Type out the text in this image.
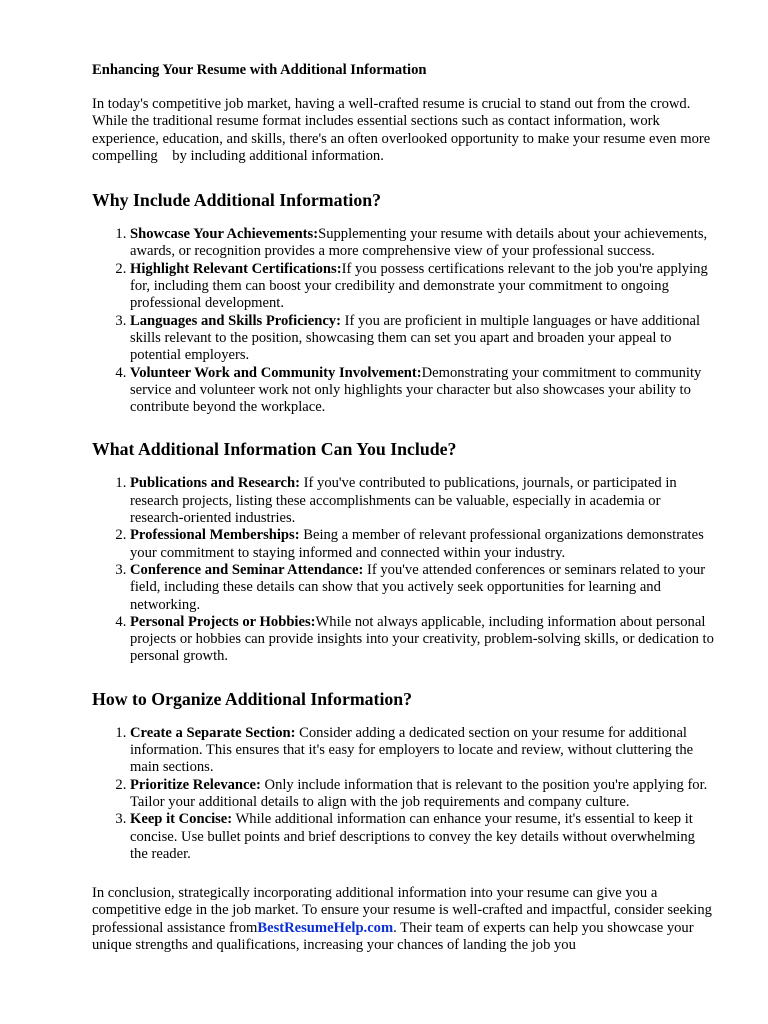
Enhancing Your Resume with Additional Information

In today's competitive job market, having a well-crafted resume is crucial to stand out from the crowd. While the traditional resume format includes essential sections such as contact information, work experience, education, and skills, there's an often overlooked opportunity to make your resume even more compelling    by including additional information.

Why Include Additional Information?
1. Showcase Your Achievements:Supplementing your resume with details about your achievements, awards, or recognition provides a more comprehensive view of your professional success.
2. Highlight Relevant Certifications:If you possess certifications relevant to the job you're applying for, including them can boost your credibility and demonstrate your commitment to ongoing professional development.
3. Languages and Skills Proficiency: If you are proficient in multiple languages or have additional skills relevant to the position, showcasing them can set you apart and broaden your appeal to potential employers.
4. Volunteer Work and Community Involvement:Demonstrating your commitment to community service and volunteer work not only highlights your character but also showcases your ability to contribute beyond the workplace.
What Additional Information Can You Include?
1. Publications and Research: If you've contributed to publications, journals, or participated in research projects, listing these accomplishments can be valuable, especially in academia or research-oriented industries.
2. Professional Memberships: Being a member of relevant professional organizations demonstrates your commitment to staying informed and connected within your industry.
3. Conference and Seminar Attendance: If you've attended conferences or seminars related to your field, including these details can show that you actively seek opportunities for learning and networking.
4. Personal Projects or Hobbies:While not always applicable, including information about personal projects or hobbies can provide insights into your creativity, problem-solving skills, or dedication to personal growth.
How to Organize Additional Information?
1. Create a Separate Section: Consider adding a dedicated section on your resume for additional information. This ensures that it's easy for employers to locate and review, without cluttering the main sections.
2. Prioritize Relevance: Only include information that is relevant to the position you're applying for. Tailor your additional details to align with the job requirements and company culture.
3. Keep it Concise: While additional information can enhance your resume, it's essential to keep it concise. Use bullet points and brief descriptions to convey the key details without overwhelming the reader.

In conclusion, strategically incorporating additional information into your resume can give you a competitive edge in the job market. To ensure your resume is well-crafted and impactful, consider seeking professional assistance fromBestResumeHelp.com. Their team of experts can help you showcase your unique strengths and qualifications, increasing your chances of landing the job you
